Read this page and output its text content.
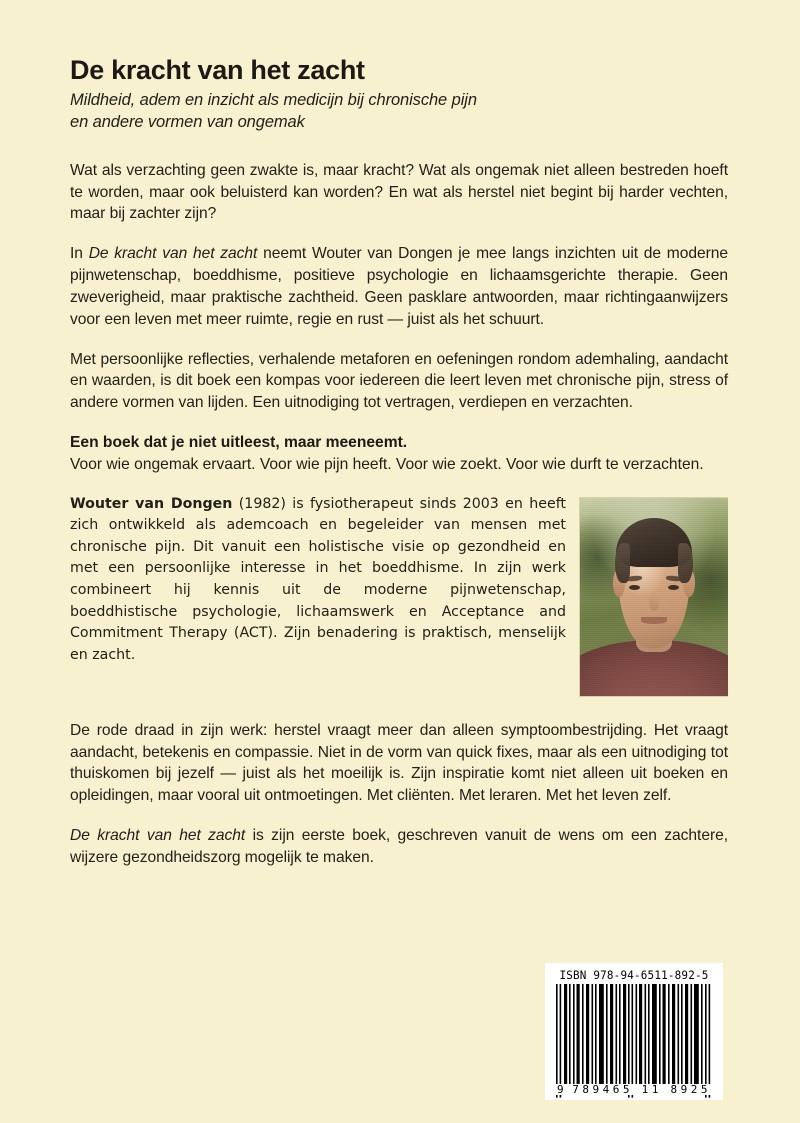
De kracht van het zacht
Mildheid, adem en inzicht als medicijn bij chronische pijn
en andere vormen van ongemak

Wat als verzachting geen zwakte is, maar kracht? Wat als ongemak niet alleen bestreden hoeft te worden, maar ook beluisterd kan worden? En wat als herstel niet begint bij harder vechten, maar bij zachter zijn?

In De kracht van het zacht neemt Wouter van Dongen je mee langs inzichten uit de moderne pijnwetenschap, boeddhisme, positieve psychologie en lichaamsgerichte therapie. Geen zweverigheid, maar praktische zachtheid. Geen pasklare antwoorden, maar richtingaanwijzers voor een leven met meer ruimte, regie en rust — juist als het schuurt.

Met persoonlijke reflecties, verhalende metaforen en oefeningen rondom ademhaling, aandacht en waarden, is dit boek een kompas voor iedereen die leert leven met chronische pijn, stress of andere vormen van lijden. Een uitnodiging tot vertragen, verdiepen en verzachten.

Een boek dat je niet uitleest, maar meeneemt.

Voor wie ongemak ervaart. Voor wie pijn heeft. Voor wie zoekt. Voor wie durft te verzachten.

Wouter van Dongen (1982) is fysiotherapeut sinds 2003 en heeft zich ontwikkeld als ademcoach en begeleider van mensen met chronische pijn. Dit vanuit een holistische visie op gezondheid en met een persoonlijke interesse in het boeddhisme. In zijn werk combineert hij kennis uit de moderne pijnwetenschap, boeddhistische psychologie, lichaamswerk en Acceptance and Commitment Therapy (ACT). Zijn benadering is praktisch, menselijk en zacht.

De rode draad in zijn werk: herstel vraagt meer dan alleen symptoombestrijding. Het vraagt aandacht, betekenis en compassie. Niet in de vorm van quick fixes, maar als een uitnodiging tot thuiskomen bij jezelf — juist als het moeilijk is. Zijn inspiratie komt niet alleen uit boeken en opleidingen, maar vooral uit ontmoetingen. Met cliënten. Met leraren. Met het leven zelf.

De kracht van het zacht is zijn eerste boek, geschreven vanuit de wens om een zachtere, wijzere gezondheidszorg mogelijk te maken.

ISBN 978-94-6511-892-5
9 789465 11 8925
